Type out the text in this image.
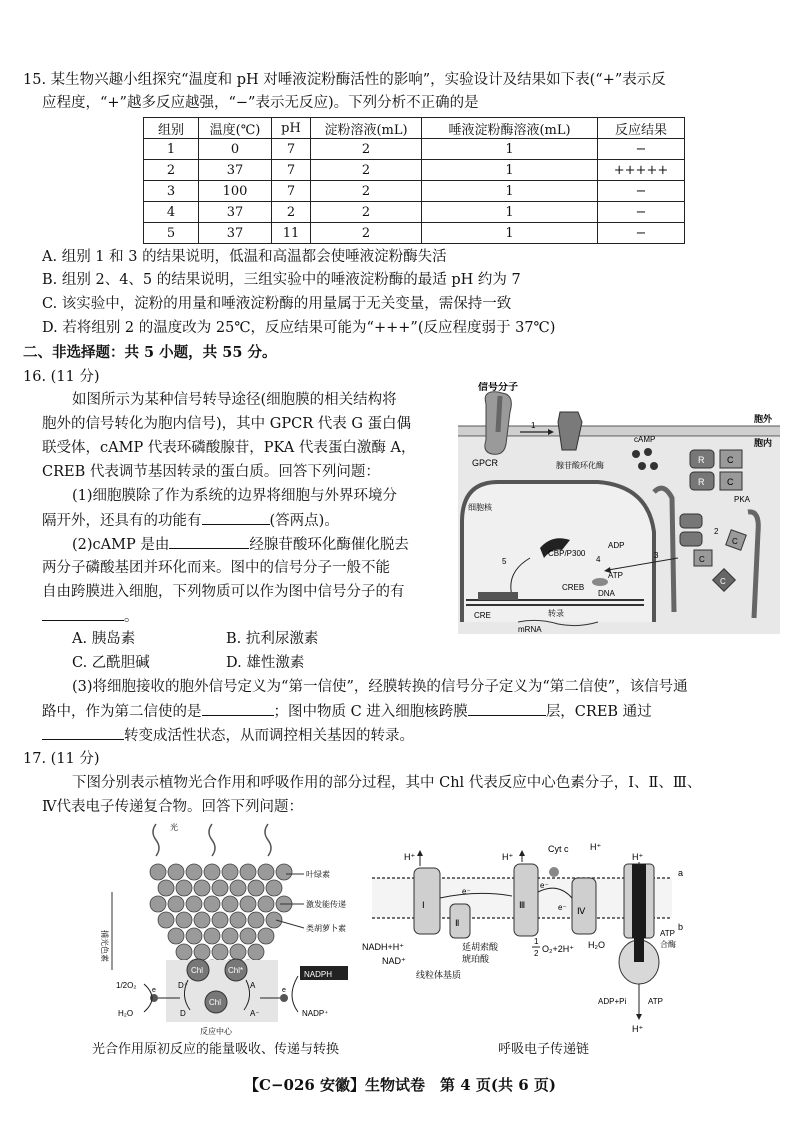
15. 某生物兴趣小组探究“温度和 pH 对唾液淀粉酶活性的影响”，实验设计及结果如下表(“+”表示反
应程度，“+”越多反应越强，“−”表示无反应)。下列分析不正确的是
组别	温度(℃)	pH	淀粉溶液(mL)	唾液淀粉酶溶液(mL)	反应结果
1	0	7	2	1	−
2	37	7	2	1	+++++
3	100	7	2	1	−
4	37	2	2	1	−
5	37	11	2	1	−
A. 组别 1 和 3 的结果说明，低温和高温都会使唾液淀粉酶失活
B. 组别 2、4、5 的结果说明，三组实验中的唾液淀粉酶的最适 pH 约为 7
C. 该实验中，淀粉的用量和唾液淀粉酶的用量属于无关变量，需保持一致
D. 若将组别 2 的温度改为 25℃，反应结果可能为“+++”(反应程度弱于 37℃)
二、非选择题：共 5 小题，共 55 分。
16. (11 分)
如图所示为某种信号转导途径(细胞膜的相关结构将
胞外的信号转化为胞内信号)，其中 GPCR 代表 G 蛋白偶
联受体，cAMP 代表环磷酸腺苷，PKA 代表蛋白激酶 A，
CREB 代表调节基因转录的蛋白质。回答下列问题：
(1)细胞膜除了作为系统的边界将细胞与外界环境分
隔开外，还具有的功能有	(答两点)。
(2)cAMP 是由	经腺苷酸环化酶催化脱去
两分子磷酸基团并环化而来。图中的信号分子一般不能
自由跨膜进入细胞，下列物质可以作为图中信号分子的有
。
A. 胰岛素	B. 抗利尿激素
C. 乙酰胆碱	D. 雄性激素
(3)将细胞接收的胞外信号定义为“第一信使”，经膜转换的信号分子定义为“第二信使”，该信号通
路中，作为第二信使的是	；图中物质 C 进入细胞核跨膜	层，CREB 通过
转变成活性状态，从而调控相关基因的转录。
信号分子
GPCR
1
腺苷酸环化酶
胞外
胞内
cAMP
R	C
R	C
PKA
C
C
C
2
细胞核
3
CBP/P300
ADP
ATP
4
CREB
DNA
5
CRE	转录
mRNA
17. (11 分)
下图分别表示植物光合作用和呼吸作用的部分过程，其中 Chl 代表反应中心色素分子，Ⅰ、Ⅱ、Ⅲ、
Ⅳ代表电子传递复合物。回答下列问题：
光
捕光色素
叶绿素
激发能传递
类胡萝卜素
Chl	Chl*
Chl
D⁺
D
A
A⁻
1/2O₂
H₂O
e
NADPH
NADP⁺
e
反应中心
光合作用原初反应的能量吸收、传递与转换
a
b
Ⅰ
Ⅱ
Ⅲ
Ⅳ
ATP
合酶
H⁺	H⁺
H⁺
H⁺
H⁺
Cyt c
e⁻
e⁻
e⁻
NADH+H⁺
NAD⁺
延胡索酸
琥珀酸
线粒体基质
1
2 O₂+2H⁺ H₂O
ADP+Pi	ATP
呼吸电子传递链
【C−026 安徽】生物试卷　第 4 页(共 6 页)
